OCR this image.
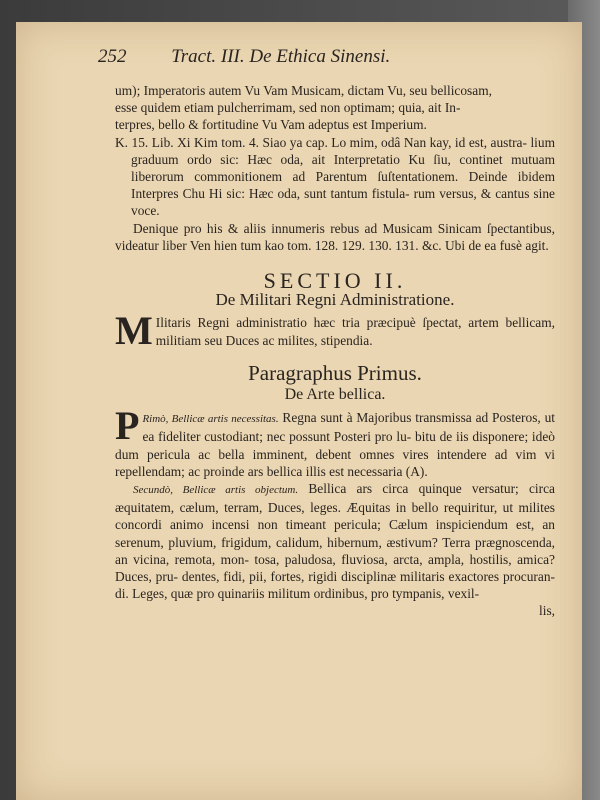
252 Tract. III. De Ethica Sinensi.

um); Imperatoris autem Vu Vam Musicam, dictam Vu, seu bellicosam,

esse quidem etiam pulcherrimam, sed non optimam; quia, ait In-

terpres, bello & fortitudine Vu Vam adeptus est Imperium.

K. 15. Lib. Xi Kim tom. 4. Siao ya cap. Lo mim, odâ Nan kay, id est, austra- lium graduum ordo sic: Hæc oda, ait Interpretatio Ku ſiu, continet mutuam liberorum commonitionem ad Parentum ſuſtentationem. Deinde ibidem Interpres Chu Hi sic: Hæc oda, sunt tantum fistula- rum versus, & cantus sine voce.

Denique pro his & aliis innumeris rebus ad Musicam Sinicam ſpectantibus, videatur liber Ven hien tum kao tom. 128. 129. 130. 131. &c. Ubi de ea fusè agit.

SECTIO II.
De Militari Regni Administratione.

M Ilitaris Regni administratio hæc tria præcipuè ſpectat, artem bellicam, militiam seu Duces ac milites, stipendia.

Paragraphus Primus.
De Arte bellica.

P Rimò, Bellicæ artis necessitas. Regna sunt à Majoribus transmissa ad Posteros, ut ea fideliter custodiant; nec possunt Posteri pro lu- bitu de iis disponere; ideò dum pericula ac bella imminent, debent omnes vires intendere ad vim vi repellendam; ac proinde ars bellica illis est necessaria (A).

Secundò, Bellicæ artis objectum. Bellica ars circa quinque versatur; circa æquitatem, cælum, terram, Duces, leges. Æquitas in bello requiritur, ut milites concordi animo incensi non timeant pericula; Cælum inspiciendum est, an serenum, pluvium, frigidum, calidum, hibernum, æstivum? Terra prægnoscenda, an vicina, remota, mon- tosa, paludosa, fluviosa, arcta, ampla, hostilis, amica? Duces, pru- dentes, fidi, pii, fortes, rigidi disciplinæ militaris exactores procuran- di. Leges, quæ pro quinariis militum ordinibus, pro tympanis, vexil-

lis,
